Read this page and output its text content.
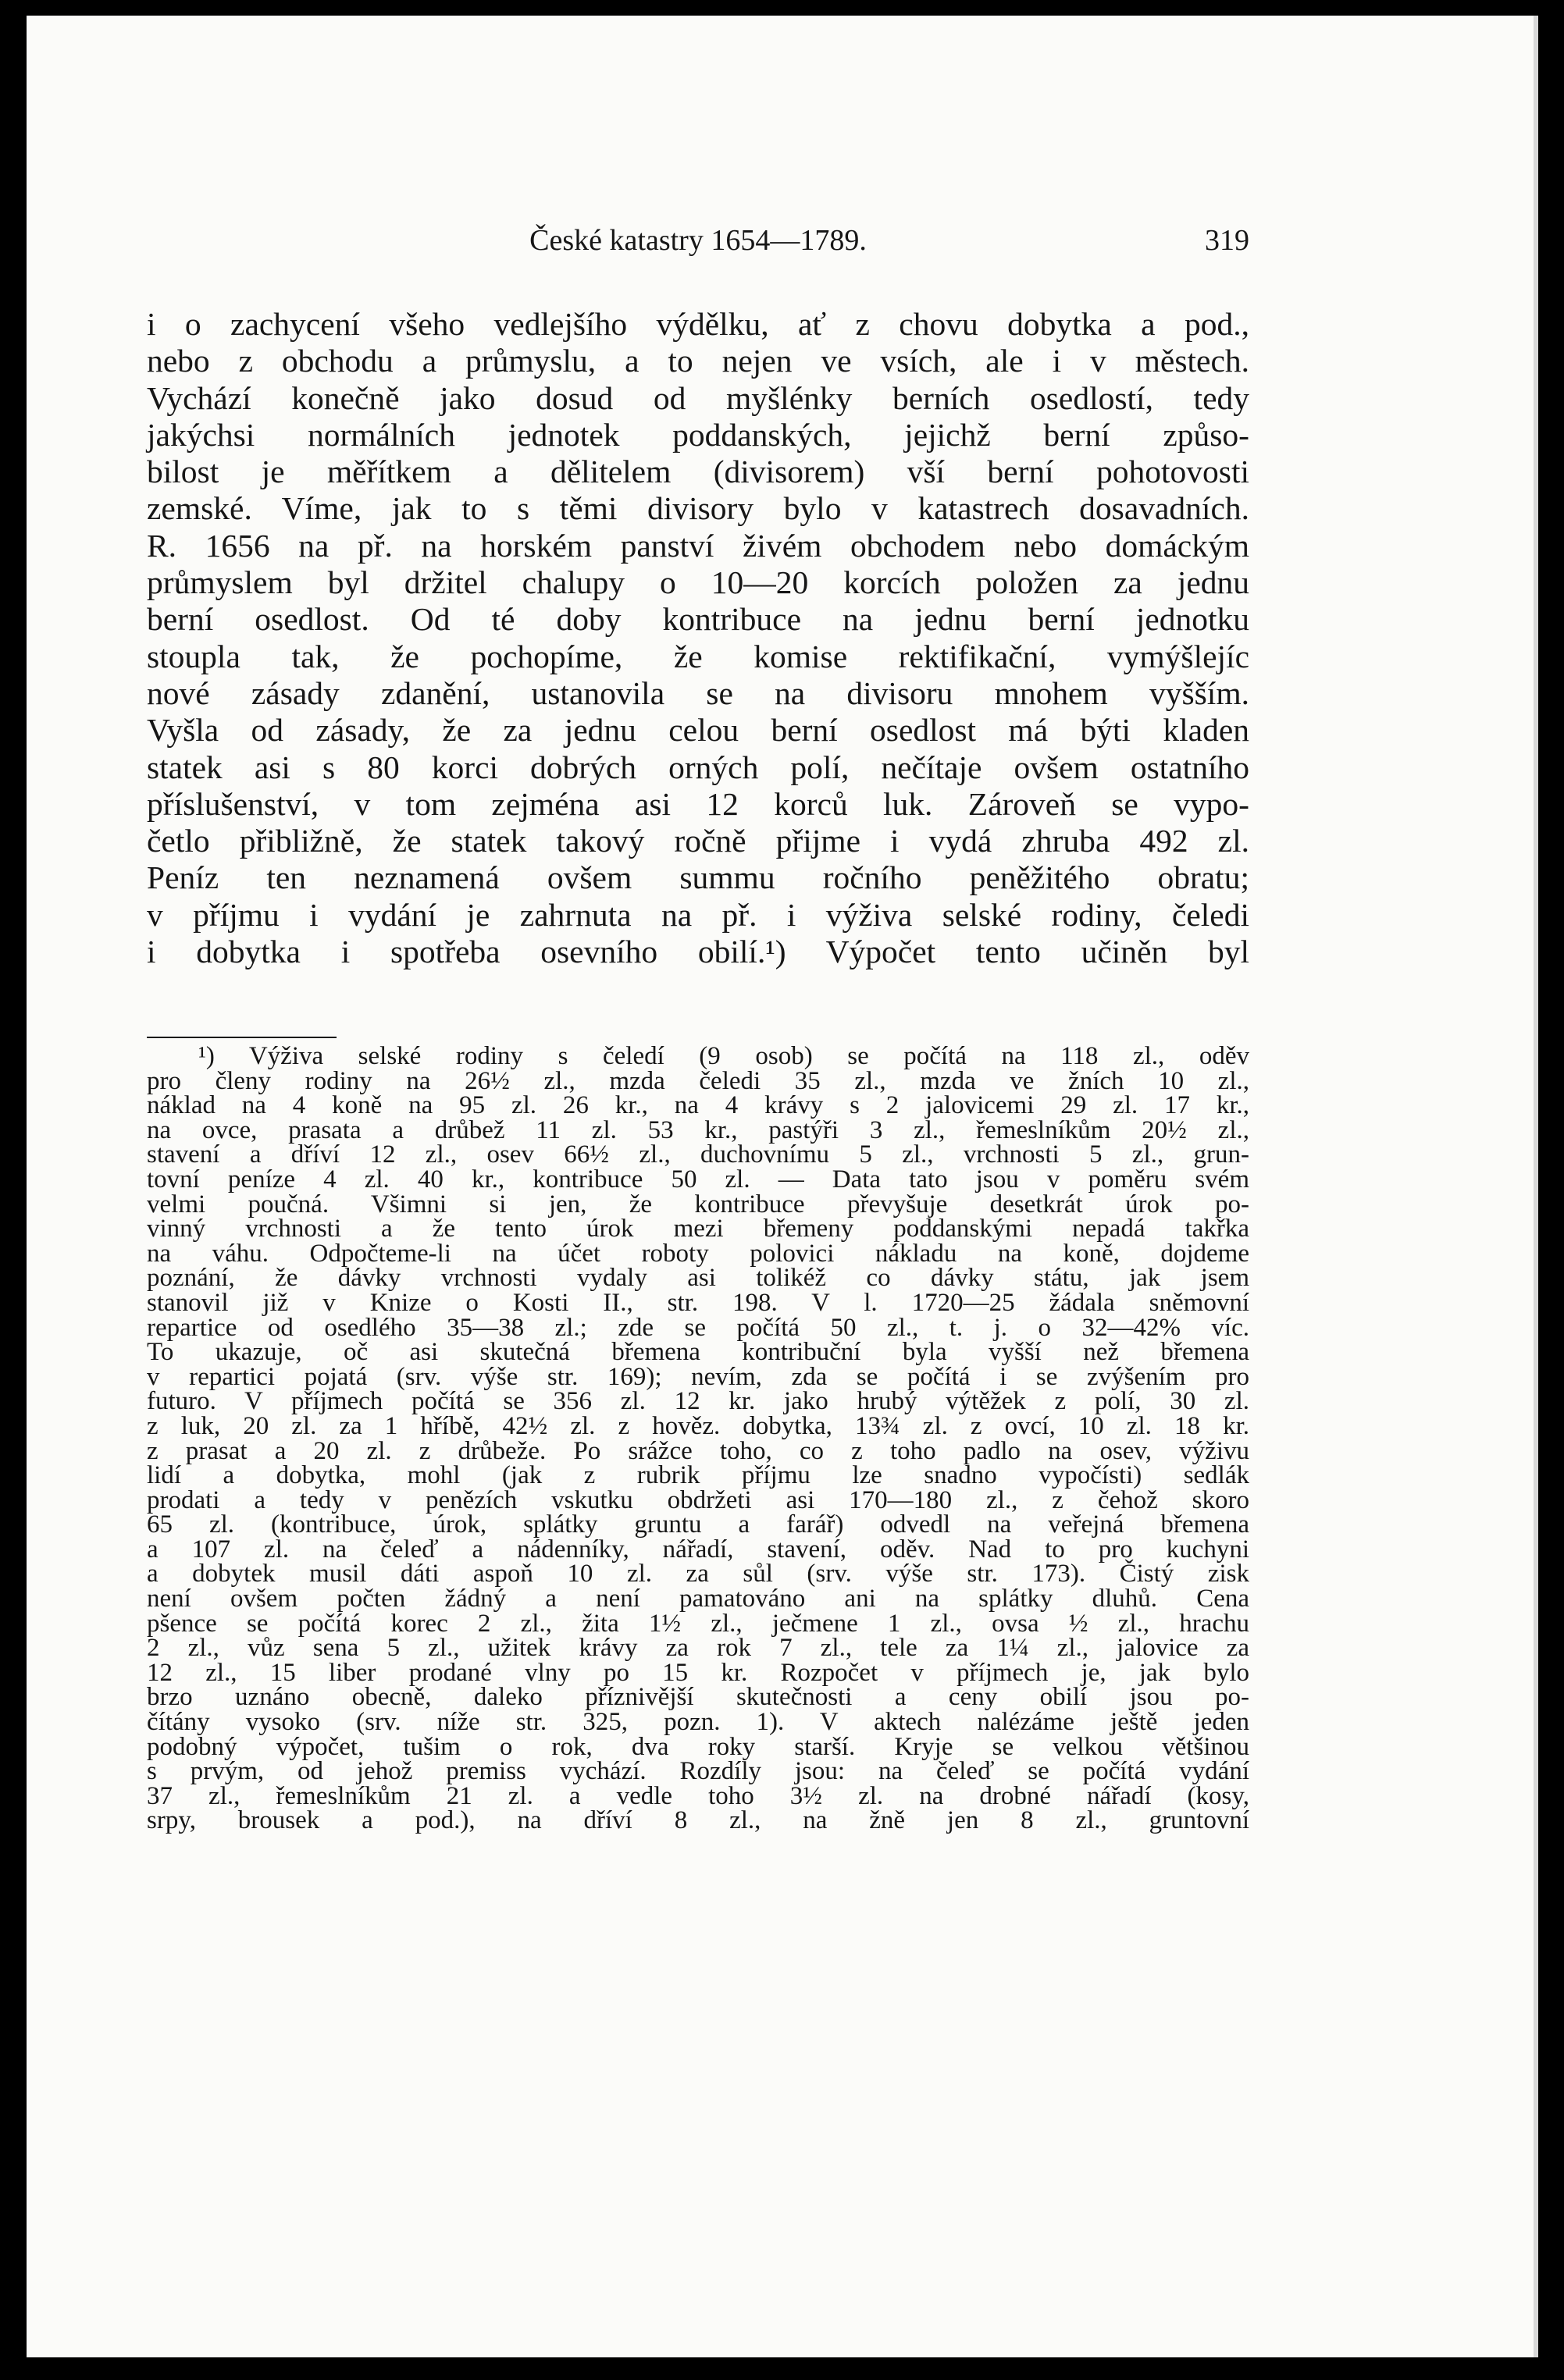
České katastry 1654—1789.	319
i o zachycení všeho vedlejšího výdělku, ať z chovu dobytka a pod.,
nebo z obchodu a průmyslu, a to nejen ve vsích, ale i v městech.
Vychází konečně jako dosud od myšlénky berních osedlostí, tedy
jakýchsi normálních jednotek poddanských, jejichž berní způso-
bilost je měřítkem a dělitelem (divisorem) vší berní pohotovosti
zemské. Víme, jak to s těmi divisory bylo v katastrech dosavadních.
R. 1656 na př. na horském panství živém obchodem nebo domáckým
průmyslem byl držitel chalupy o 10—20 korcích položen za jednu
berní osedlost. Od té doby kontribuce na jednu berní jednotku
stoupla tak, že pochopíme, že komise rektifikační, vymýšlejíc
nové zásady zdanění, ustanovila se na divisoru mnohem vyšším.
Vyšla od zásady, že za jednu celou berní osedlost má býti kladen
statek asi s 80 korci dobrých orných polí, nečítaje ovšem ostatního
příslušenství, v tom zejména asi 12 korců luk. Zároveň se vypo-
četlo přibližně, že statek takový ročně přijme i vydá zhruba 492 zl.
Peníz ten neznamená ovšem summu ročního peněžitého obratu;
v příjmu i vydání je zahrnuta na př. i výživa selské rodiny, čeledi
i dobytka i spotřeba osevního obilí.¹) Výpočet tento učiněn byl
¹) Výživa selské rodiny s čeledí (9 osob) se počítá na 118 zl., oděv
pro členy rodiny na 26½ zl., mzda čeledi 35 zl., mzda ve žních 10 zl.,
náklad na 4 koně na 95 zl. 26 kr., na 4 krávy s 2 jalovicemi 29 zl. 17 kr.,
na ovce, prasata a drůbež 11 zl. 53 kr., pastýři 3 zl., řemeslníkům 20½ zl.,
stavení a dříví 12 zl., osev 66½ zl., duchovnímu 5 zl., vrchnosti 5 zl., grun-
tovní peníze 4 zl. 40 kr., kontribuce 50 zl. — Data tato jsou v poměru svém
velmi poučná. Všimni si jen, že kontribuce převyšuje desetkrát úrok po-
vinný vrchnosti a že tento úrok mezi břemeny poddanskými nepadá takřka
na váhu. Odpočteme-li na účet roboty polovici nákladu na koně, dojdeme
poznání, že dávky vrchnosti vydaly asi tolikéž co dávky státu, jak jsem
stanovil již v Knize o Kosti II., str. 198. V l. 1720—25 žádala sněmovní
repartice od osedlého 35—38 zl.; zde se počítá 50 zl., t. j. o 32—42% víc.
To ukazuje, oč asi skutečná břemena kontribuční byla vyšší než břemena
v repartici pojatá (srv. výše str. 169); nevím, zda se počítá i se zvýšením pro
futuro. V příjmech počítá se 356 zl. 12 kr. jako hrubý výtěžek z polí, 30 zl.
z luk, 20 zl. za 1 hříbě, 42½ zl. z hověz. dobytka, 13¾ zl. z ovcí, 10 zl. 18 kr.
z prasat a 20 zl. z drůbeže. Po srážce toho, co z toho padlo na osev, výživu
lidí a dobytka, mohl (jak z rubrik příjmu lze snadno vypočísti) sedlák
prodati a tedy v penězích vskutku obdržeti asi 170—180 zl., z čehož skoro
65 zl. (kontribuce, úrok, splátky gruntu a farář) odvedl na veřejná břemena
a 107 zl. na čeleď a nádenníky, nářadí, stavení, oděv. Nad to pro kuchyni
a dobytek musil dáti aspoň 10 zl. za sůl (srv. výše str. 173). Čistý zisk
není ovšem počten žádný a není pamatováno ani na splátky dluhů. Cena
pšence se počítá korec 2 zl., žita 1½ zl., ječmene 1 zl., ovsa ½ zl., hrachu
2 zl., vůz sena 5 zl., užitek krávy za rok 7 zl., tele za 1¼ zl., jalovice za
12 zl., 15 liber prodané vlny po 15 kr. Rozpočet v příjmech je, jak bylo
brzo uznáno obecně, daleko příznivější skutečnosti a ceny obilí jsou po-
čítány vysoko (srv. níže str. 325, pozn. 1). V aktech nalézáme ještě jeden
podobný výpočet, tušim o rok, dva roky starší. Kryje se velkou většinou
s prvým, od jehož premiss vychází. Rozdíly jsou: na čeleď se počítá vydání
37 zl., řemeslníkům 21 zl. a vedle toho 3½ zl. na drobné nářadí (kosy,
srpy, brousek a pod.), na dříví 8 zl., na žně jen 8 zl., gruntovní
